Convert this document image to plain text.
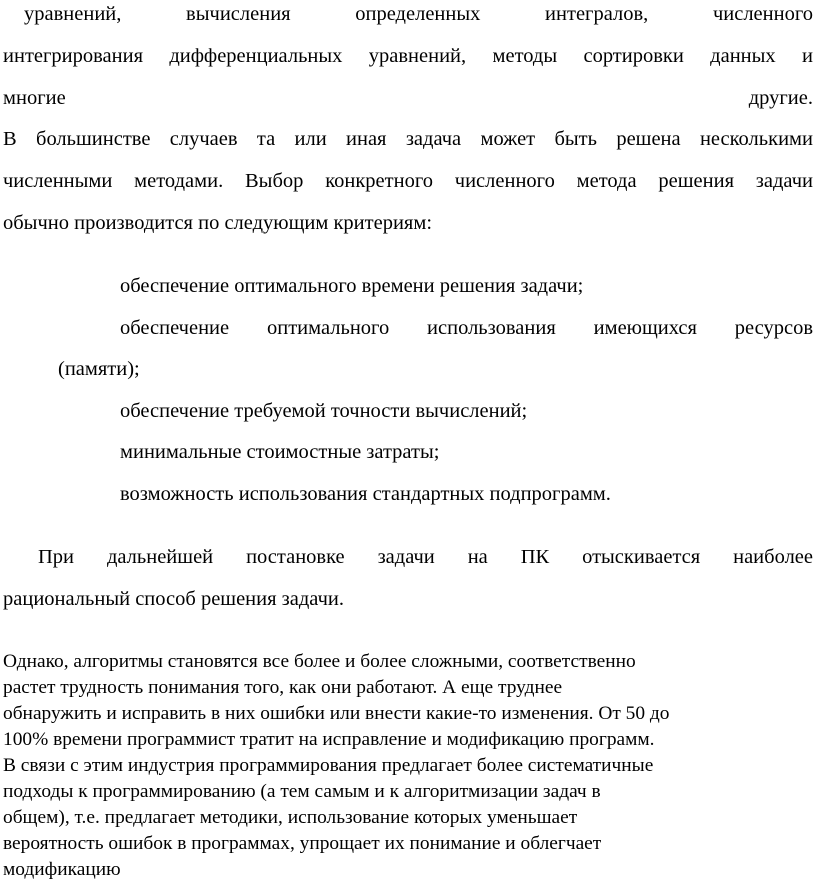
уравнений, вычисления определенных интегралов, численного
интегрирования дифференциальных уравнений, методы сортировки данных и
многие другие.
В большинстве случаев та или иная задача может быть решена несколькими
численными методами. Выбор конкретного численного метода решения задачи
обычно производится по следующим критериям:
обеспечение оптимального времени решения задачи;
обеспечение оптимального использования имеющихся ресурсов
(памяти);
обеспечение требуемой точности вычислений;
минимальные стоимостные затраты;
возможность использования стандартных подпрограмм.
При дальнейшей постановке задачи на ПК отыскивается наиболее
рациональный способ решения задачи.
Однако, алгоритмы становятся все более и более сложными, соответственно
растет трудность понимания того, как они работают. А еще труднее
обнаружить и исправить в них ошибки или внести какие-то изменения. От 50 до
100% времени программист тратит на исправление и модификацию программ.
В связи с этим индустрия программирования предлагает более систематичные
подходы к программированию (а тем самым и к алгоритмизации задач в
общем), т.е. предлагает методики, использование которых уменьшает
вероятность ошибок в программах, упрощает их понимание и облегчает
модификацию
